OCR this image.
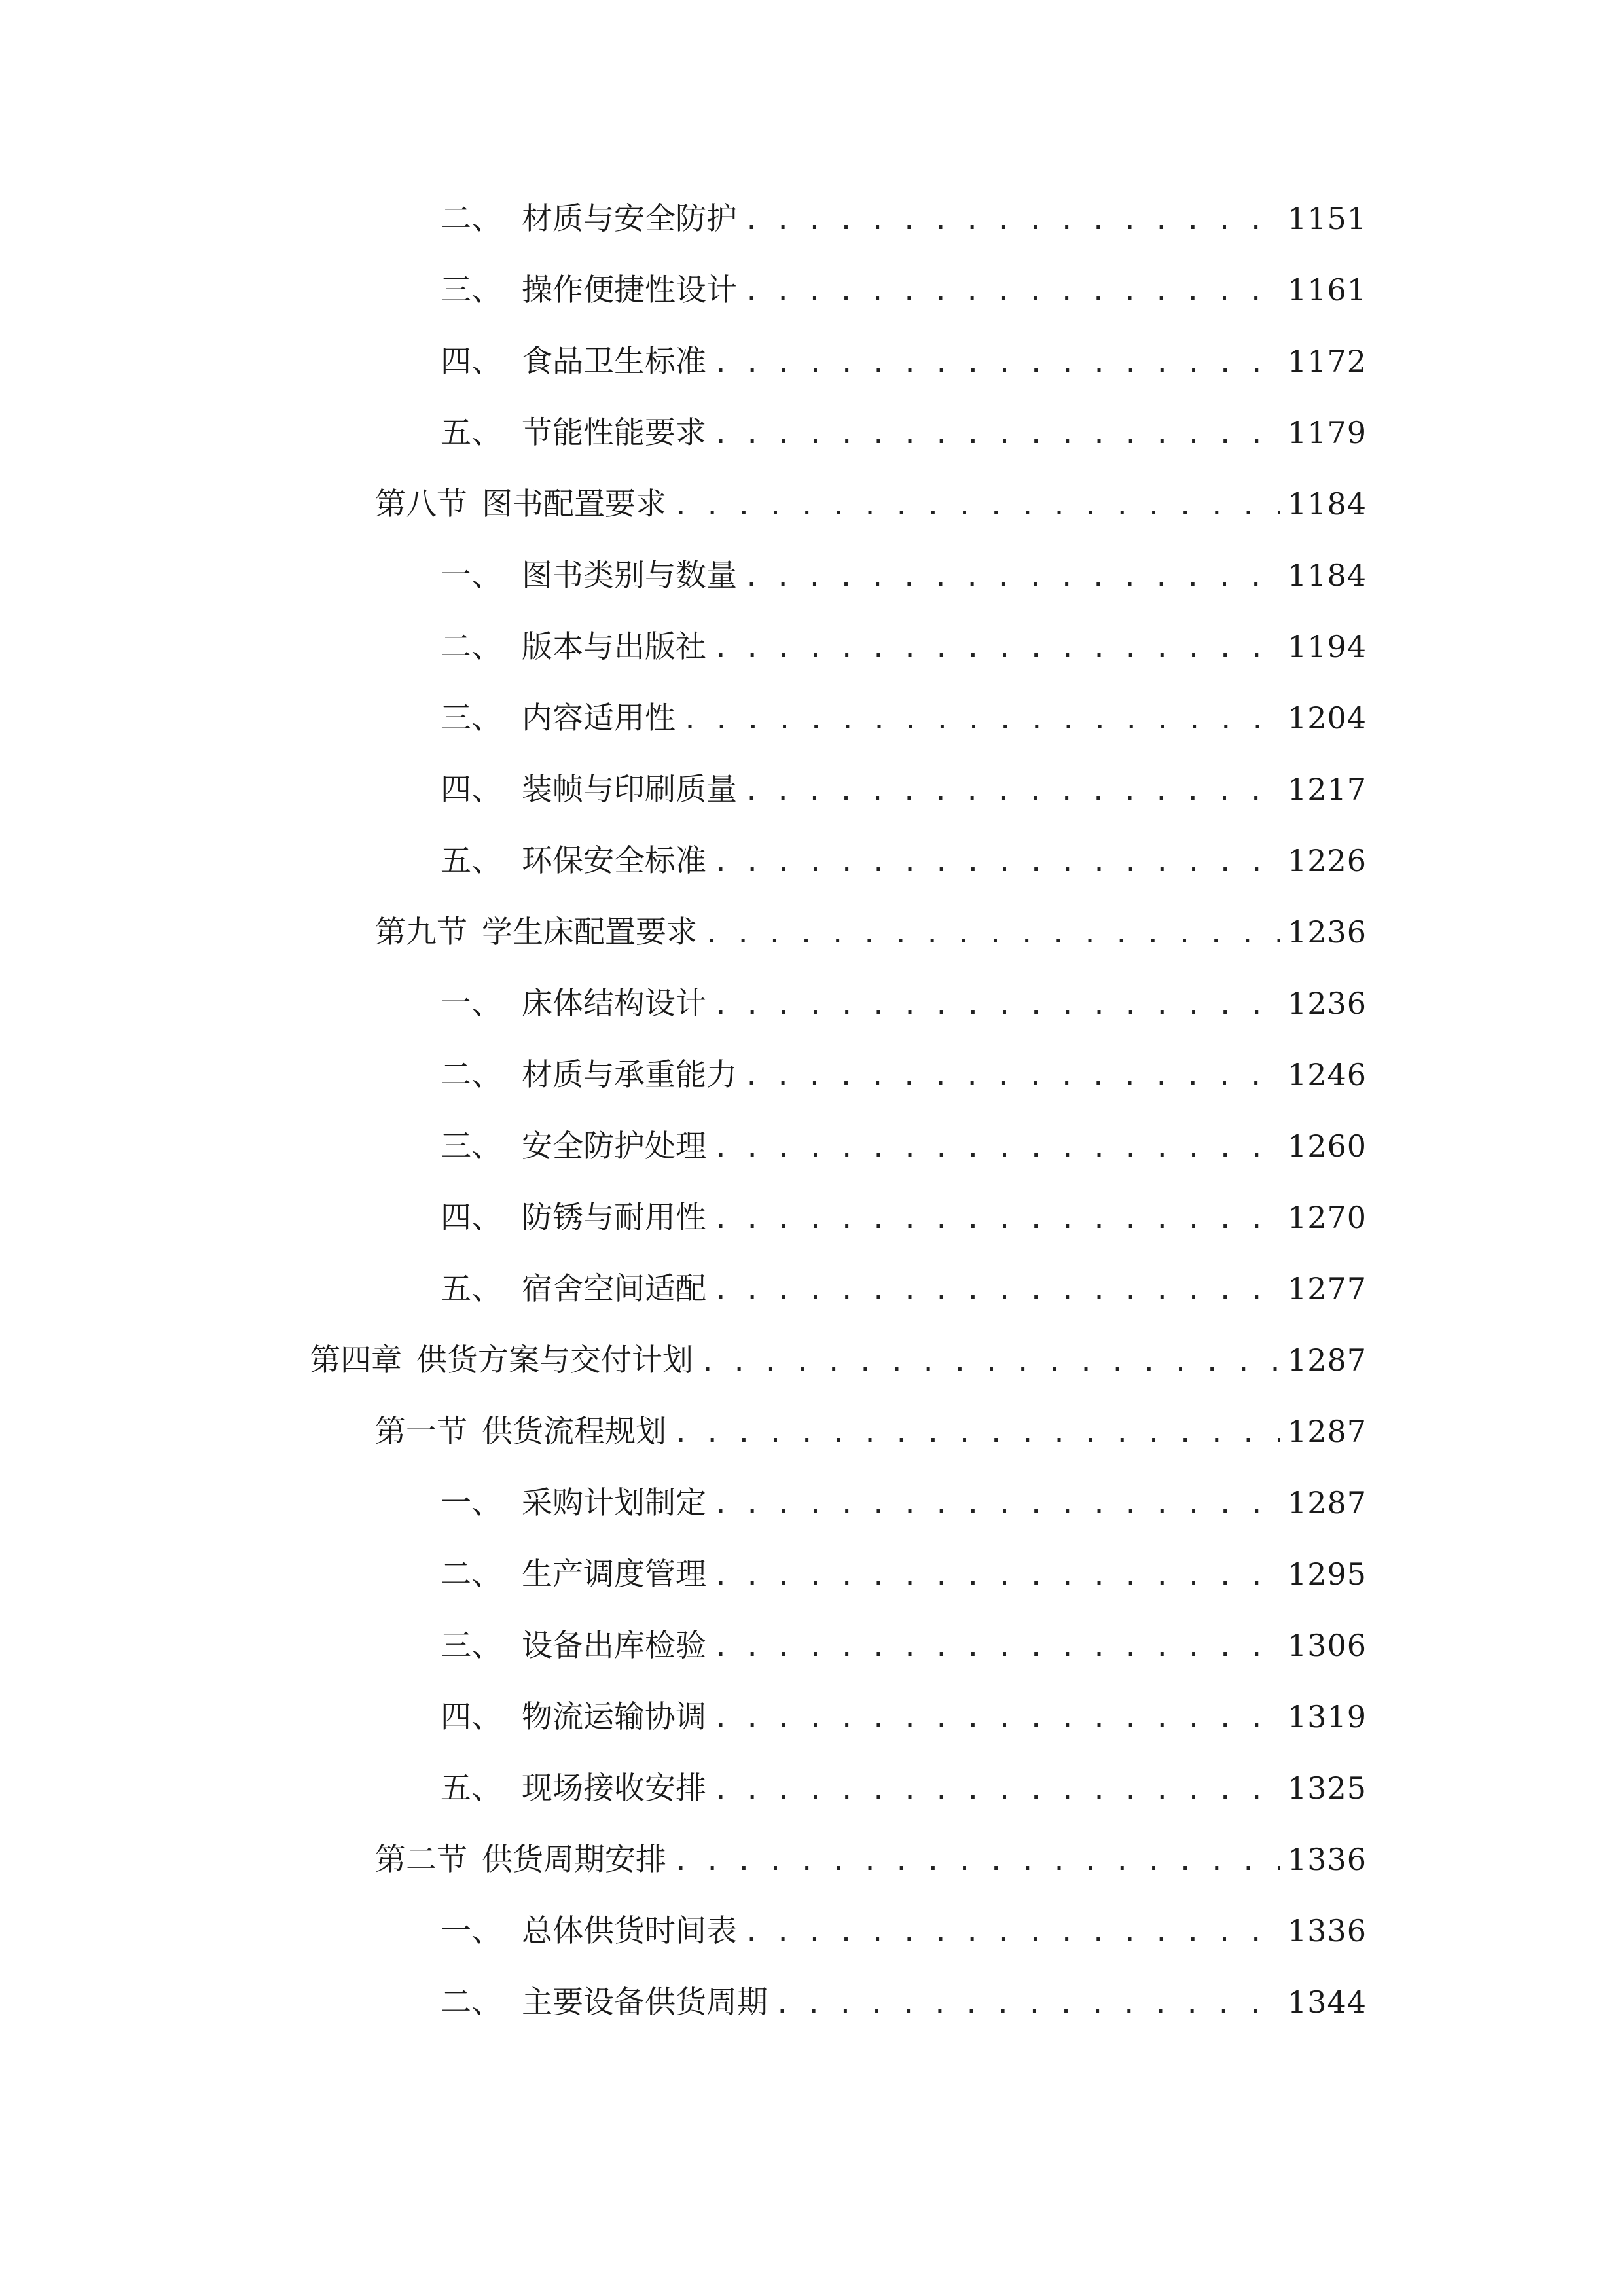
二、 材质与安全防护 . . .	1151
三、 操作便捷性设计 . . .	1161
四、 食品卫生标准 . . .	1172
五、 节能性能要求 . . .	1179
第八节 图书配置要求 . . .	1184
一、 图书类别与数量 . . .	1184
二、 版本与出版社 . . .	1194
三、 内容适用性 . . .	1204
四、 装帧与印刷质量 . . .	1217
五、 环保安全标准 . . .	1226
第九节 学生床配置要求 . . .	1236
一、 床体结构设计 . . .	1236
二、 材质与承重能力 . . .	1246
三、 安全防护处理 . . .	1260
四、 防锈与耐用性 . . .	1270
五、 宿舍空间适配 . . .	1277
第四章 供货方案与交付计划 . . .	1287
第一节 供货流程规划 . . .	1287
一、 采购计划制定 . . .	1287
二、 生产调度管理 . . .	1295
三、 设备出库检验 . . .	1306
四、 物流运输协调 . . .	1319
五、 现场接收安排 . . .	1325
第二节 供货周期安排 . . .	1336
一、 总体供货时间表 . . .	1336
二、 主要设备供货周期 . . .	1344
